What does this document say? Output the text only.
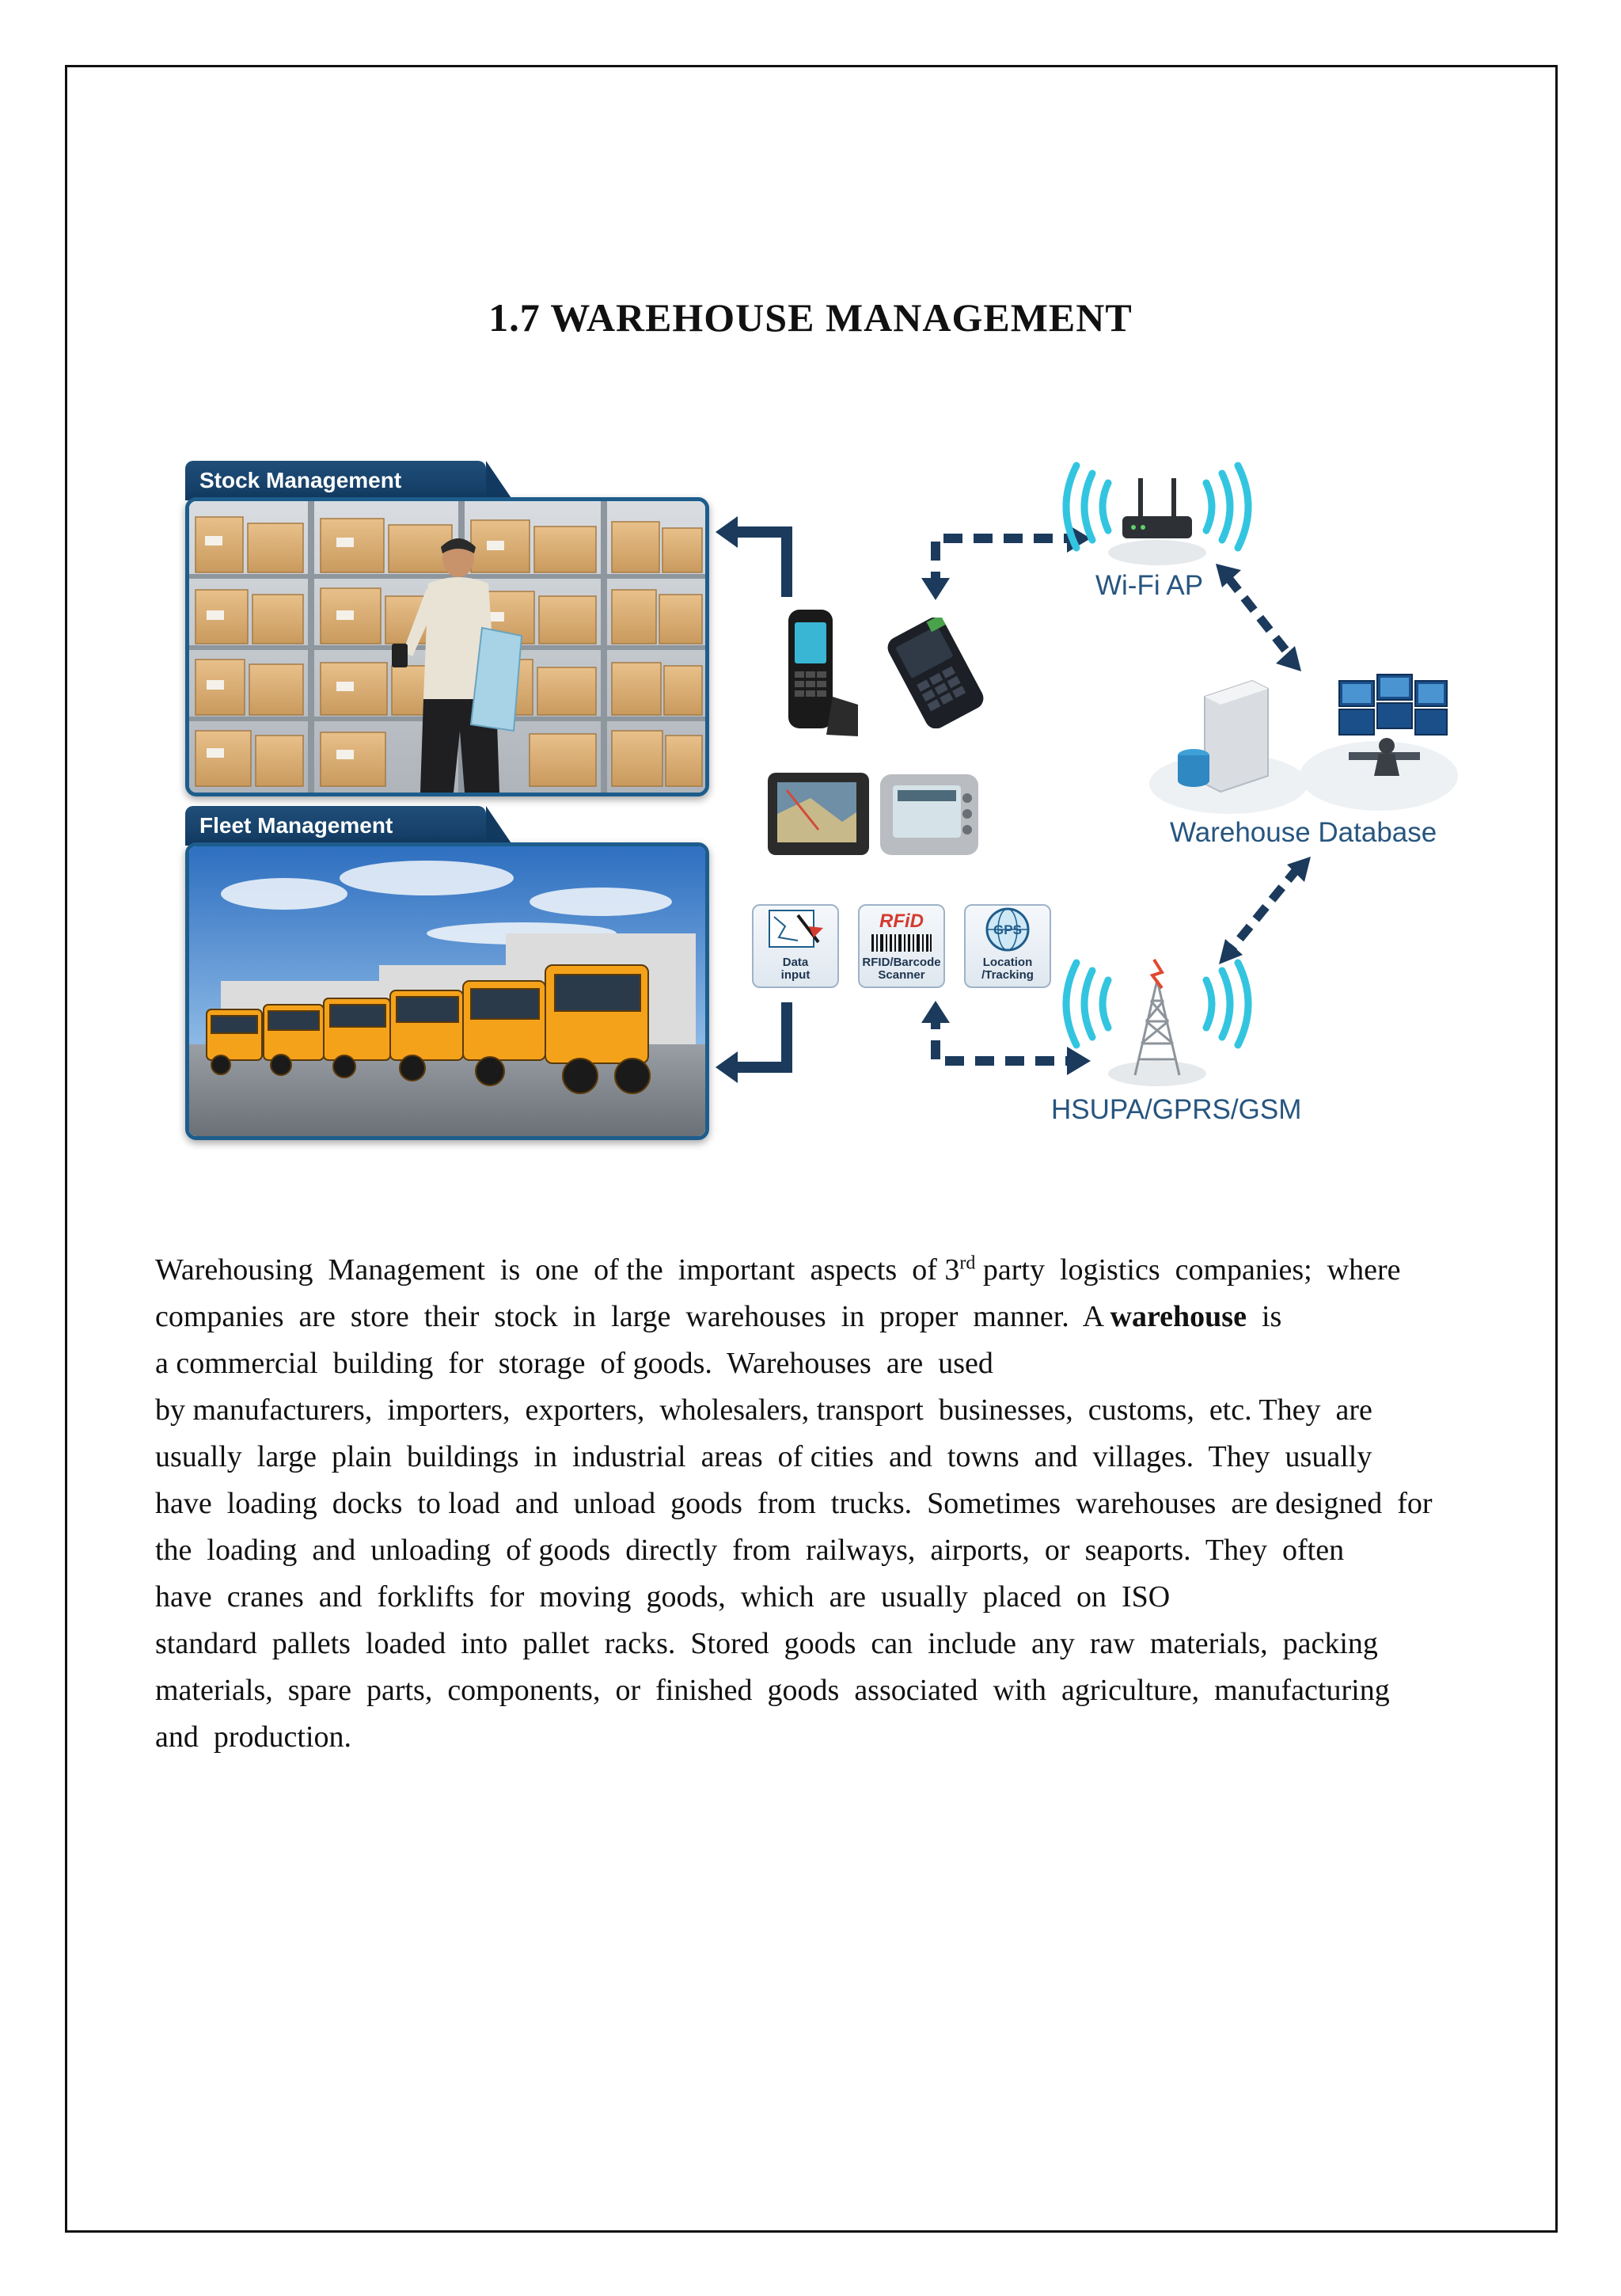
1.7 WAREHOUSE MANAGEMENT
Stock Management
Fleet Management
Data
input
RFiD
RFID/Barcode
Scanner
GPS
Location
/Tracking
Wi-Fi AP
Warehouse Database
HSUPA/GPRS/GSM
Warehousing  Management  is  one  of the  important  aspects  of 3rd party  logistics  companies;  where
companies  are  store  their  stock  in  large  warehouses  in  proper  manner.  A warehouse  is
a commercial  building  for  storage  of goods.  Warehouses  are  used
by manufacturers,  importers,  exporters,  wholesalers, transport  businesses,  customs,  etc. They  are
usually  large  plain  buildings  in  industrial  areas  of cities  and  towns  and  villages.  They  usually
have  loading  docks  to load  and  unload  goods  from  trucks.  Sometimes  warehouses  are designed  for
the  loading  and  unloading  of goods  directly  from  railways,  airports,  or  seaports.  They  often
have  cranes  and  forklifts  for  moving  goods,  which  are  usually  placed  on  ISO
standard  pallets  loaded  into  pallet  racks.  Stored  goods  can  include  any  raw  materials,  packing
materials,  spare  parts,  components,  or  finished  goods  associated  with  agriculture,  manufacturing
and  production.
